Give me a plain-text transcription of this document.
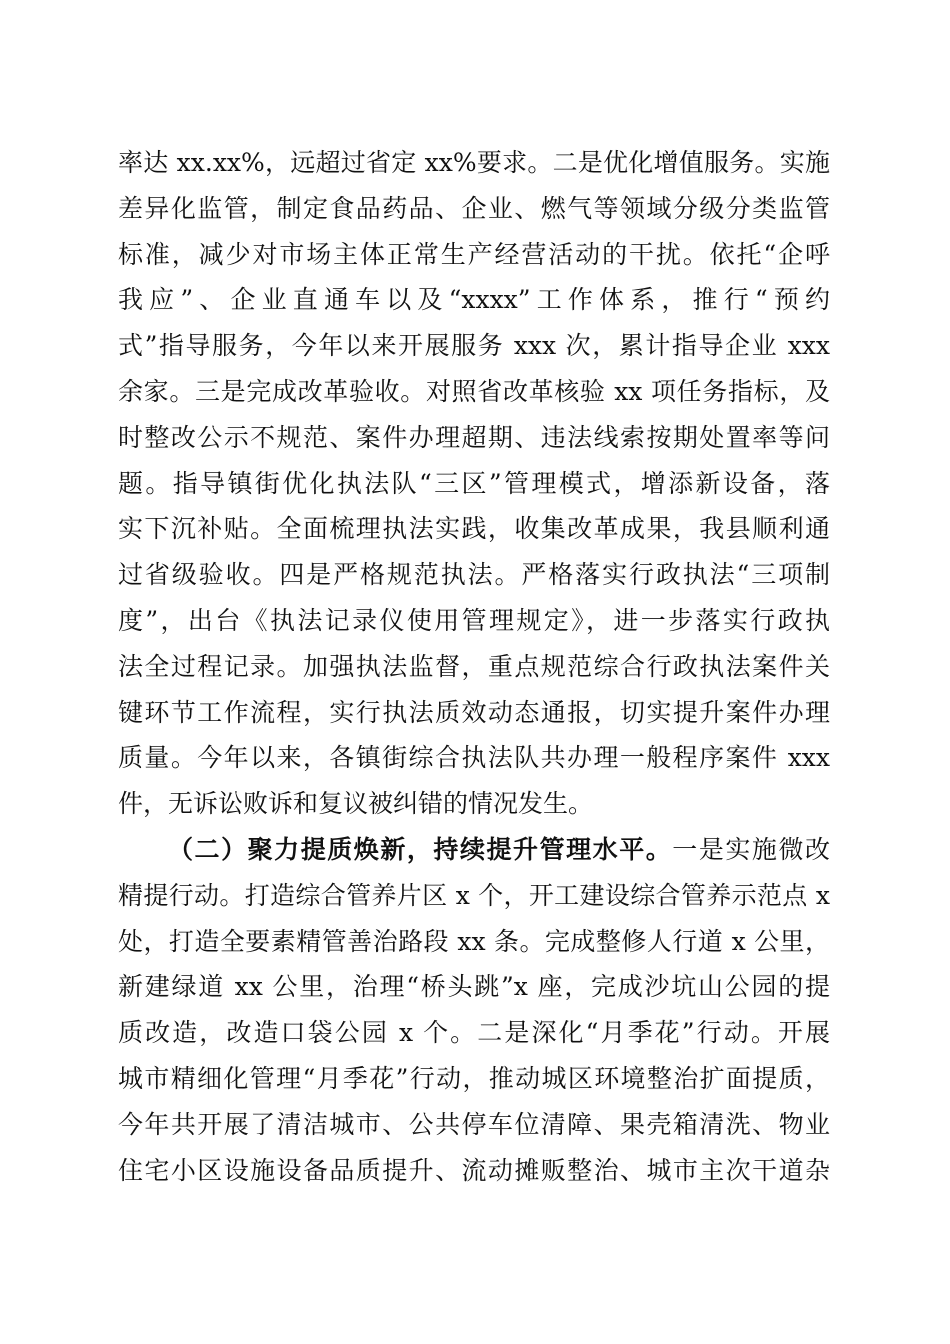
率达 xx.xx%，远超过省定 xx%要求。二是优化增值服务。实施
差异化监管，制定食品药品、企业、燃气等领域分级分类监管
标准，减少对市场主体正常生产经营活动的干扰。依托“企呼
我应”、企业直通车以及“xxxx”工作体系，推行“预约
式”指导服务，今年以来开展服务 xxx 次，累计指导企业 xxx
余家。三是完成改革验收。对照省改革核验 xx 项任务指标，及
时整改公示不规范、案件办理超期、违法线索按期处置率等问
题。指导镇街优化执法队“三区”管理模式，增添新设备，落
实下沉补贴。全面梳理执法实践，收集改革成果，我县顺利通
过省级验收。四是严格规范执法。严格落实行政执法“三项制
度”，出台《执法记录仪使用管理规定》，进一步落实行政执
法全过程记录。加强执法监督，重点规范综合行政执法案件关
键环节工作流程，实行执法质效动态通报，切实提升案件办理
质量。今年以来，各镇街综合执法队共办理一般程序案件 xxx
件，无诉讼败诉和复议被纠错的情况发生。
（二）聚力提质焕新，持续提升管理水平。一是实施微改
精提行动。打造综合管养片区 x 个，开工建设综合管养示范点 x
处，打造全要素精管善治路段 xx 条。完成整修人行道 x 公里，
新建绿道 xx 公里，治理“桥头跳”x 座，完成沙坑山公园的提
质改造，改造口袋公园 x 个。二是深化“月季花”行动。开展
城市精细化管理“月季花”行动，推动城区环境整治扩面提质，
今年共开展了清洁城市、公共停车位清障、果壳箱清洗、物业
住宅小区设施设备品质提升、流动摊贩整治、城市主次干道杂
